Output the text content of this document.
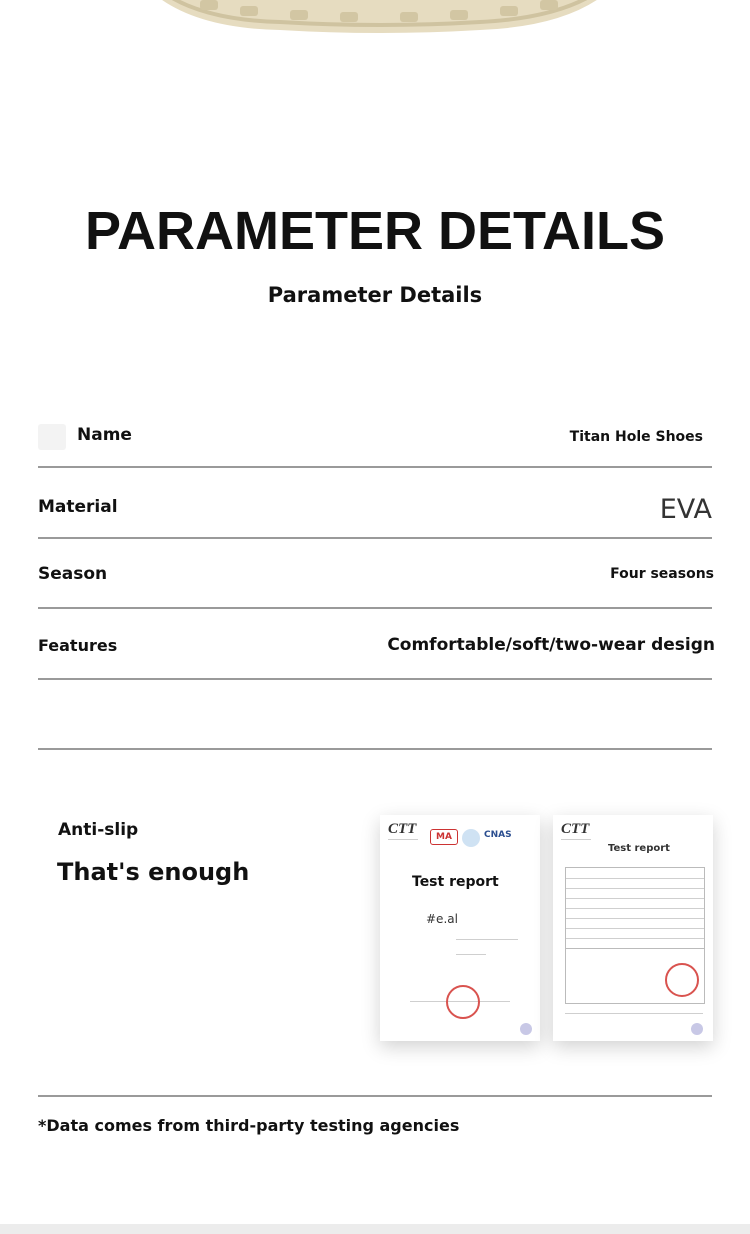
PARAMETER DETAILS
Parameter Details
Name	Titan Hole Shoes
Material	EVA
Season	Four seasons
Features	Comfortable/soft/two-wear design
Anti-slip
That's enough
CTT	MA	CNAS
Test report
#e.al
CTT
Test report
*Data comes from third-party testing agencies
